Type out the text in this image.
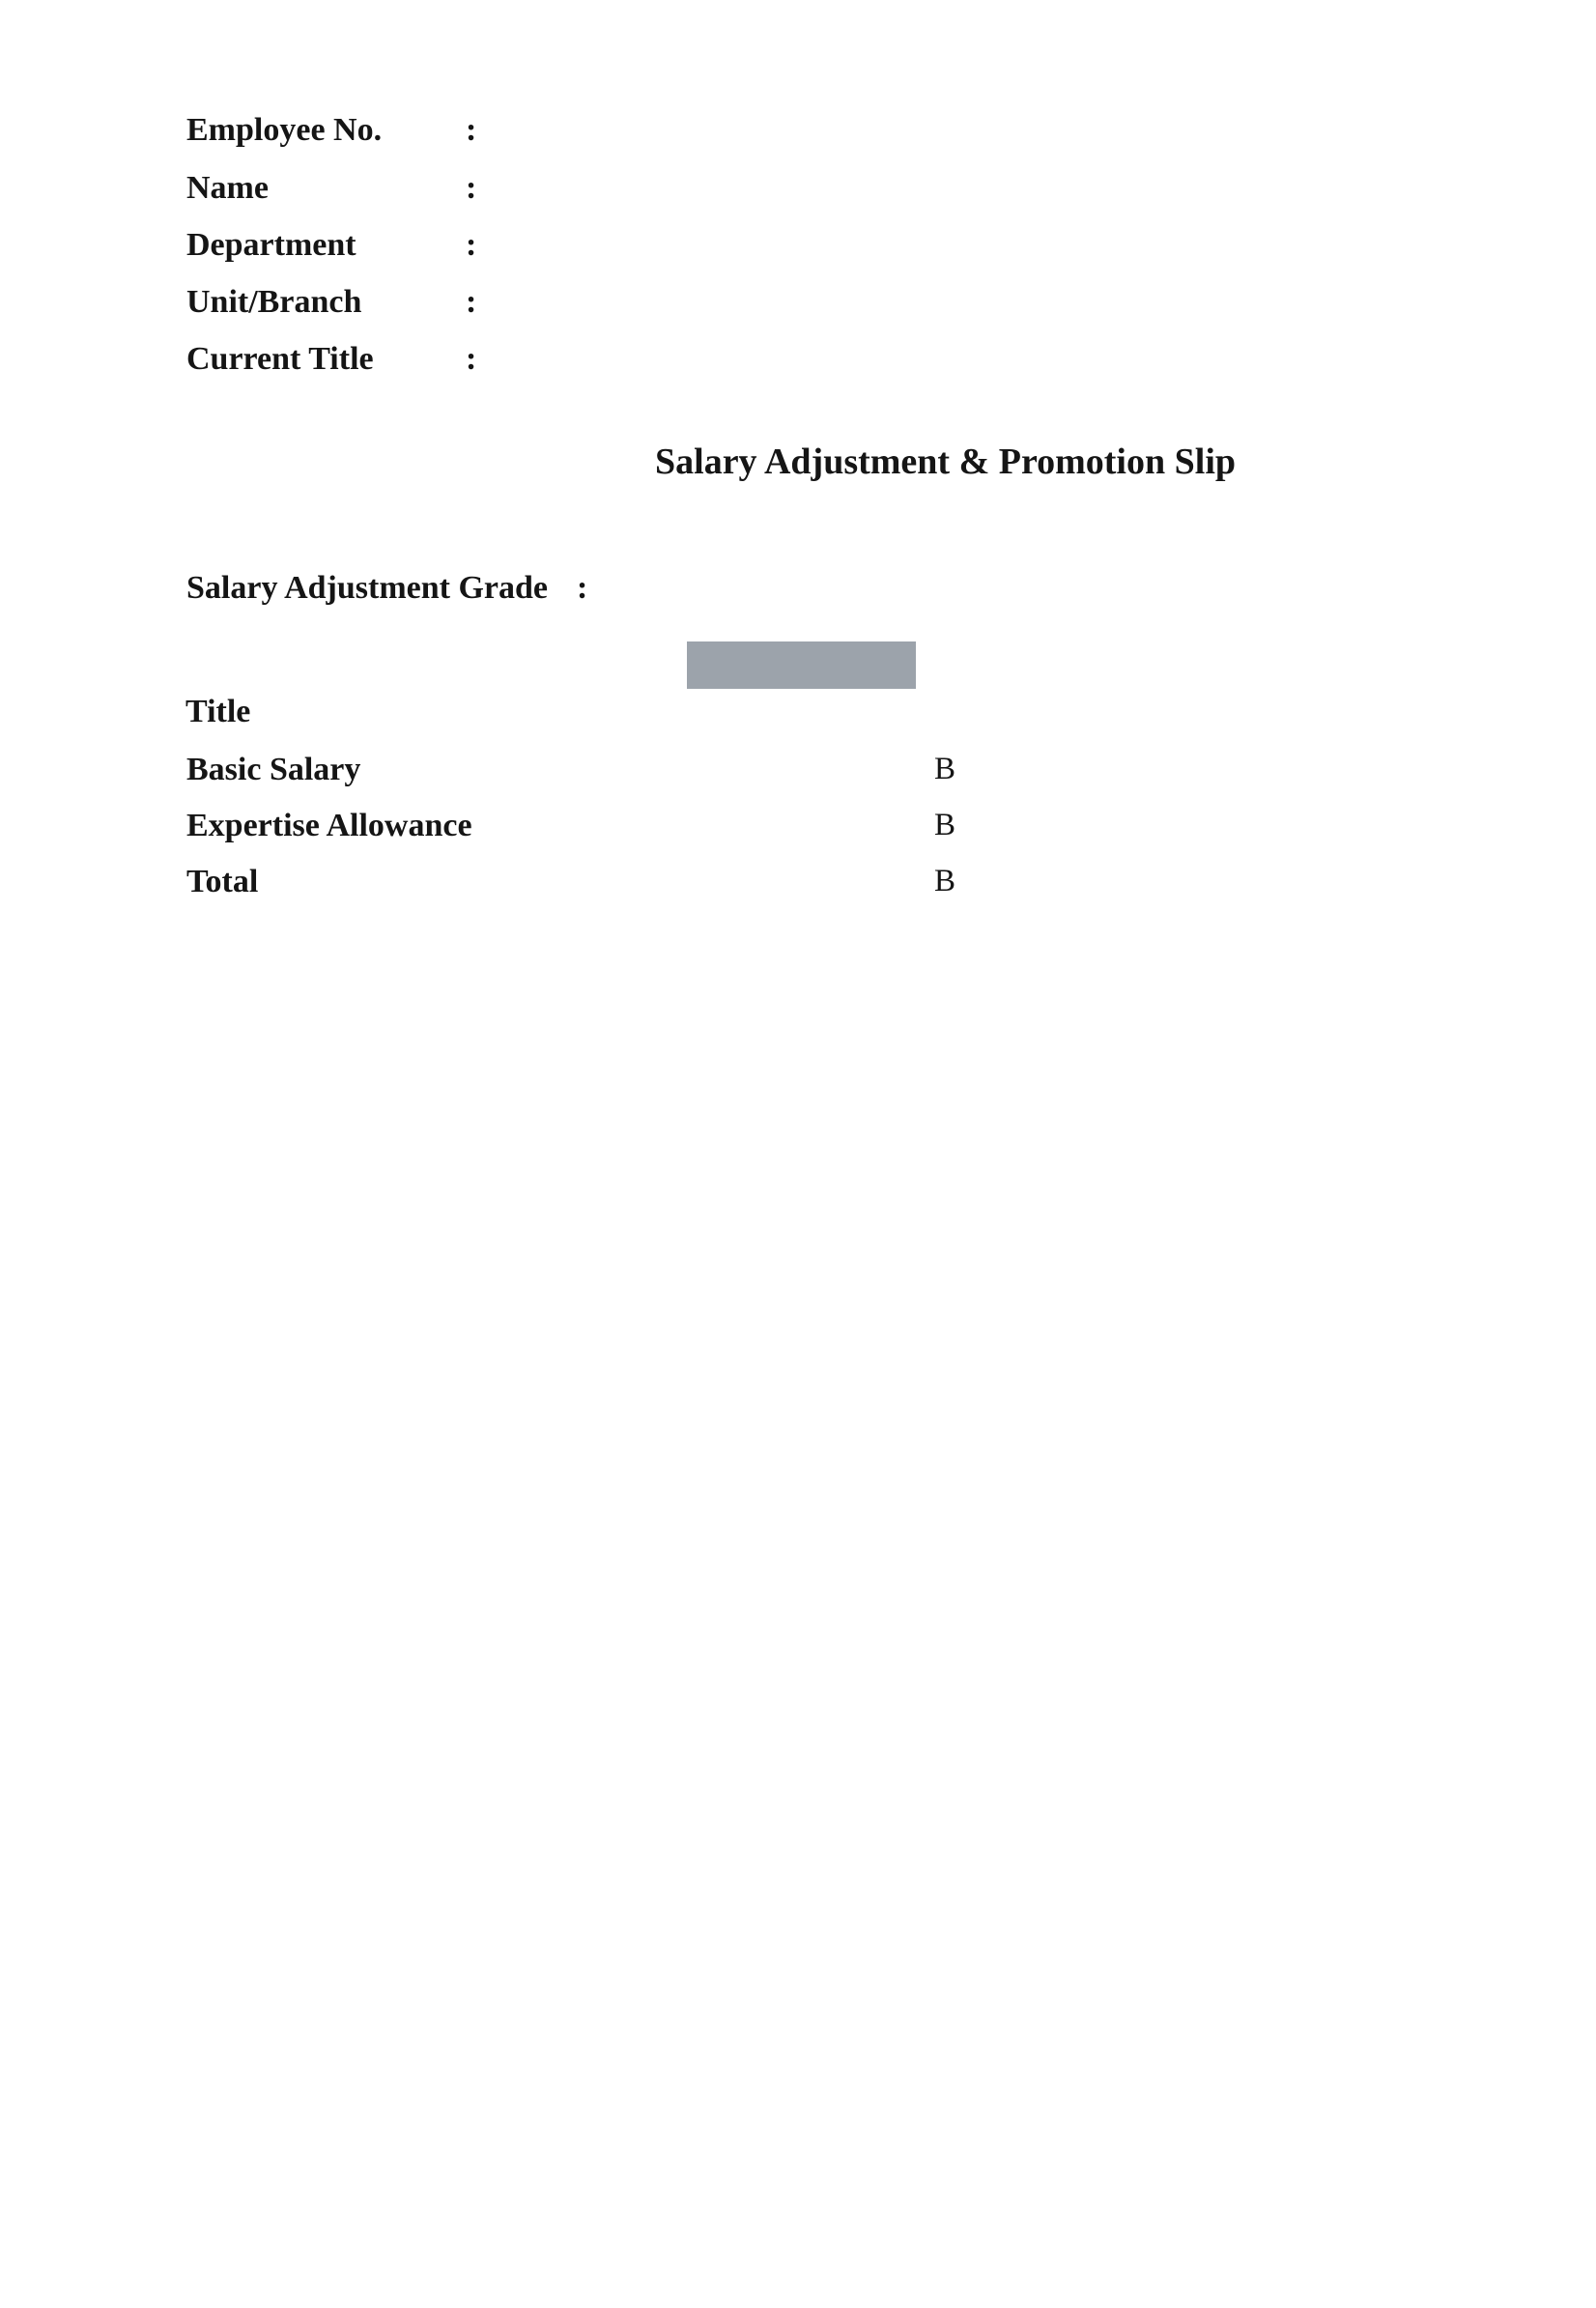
Employee No.	:
Name	:
Department	:
Unit/Branch	:
Current Title	:
Salary Adjustment & Promotion Slip
Salary Adjustment Grade :
Title
Basic Salary	B
Expertise Allowance	B
Total	B
